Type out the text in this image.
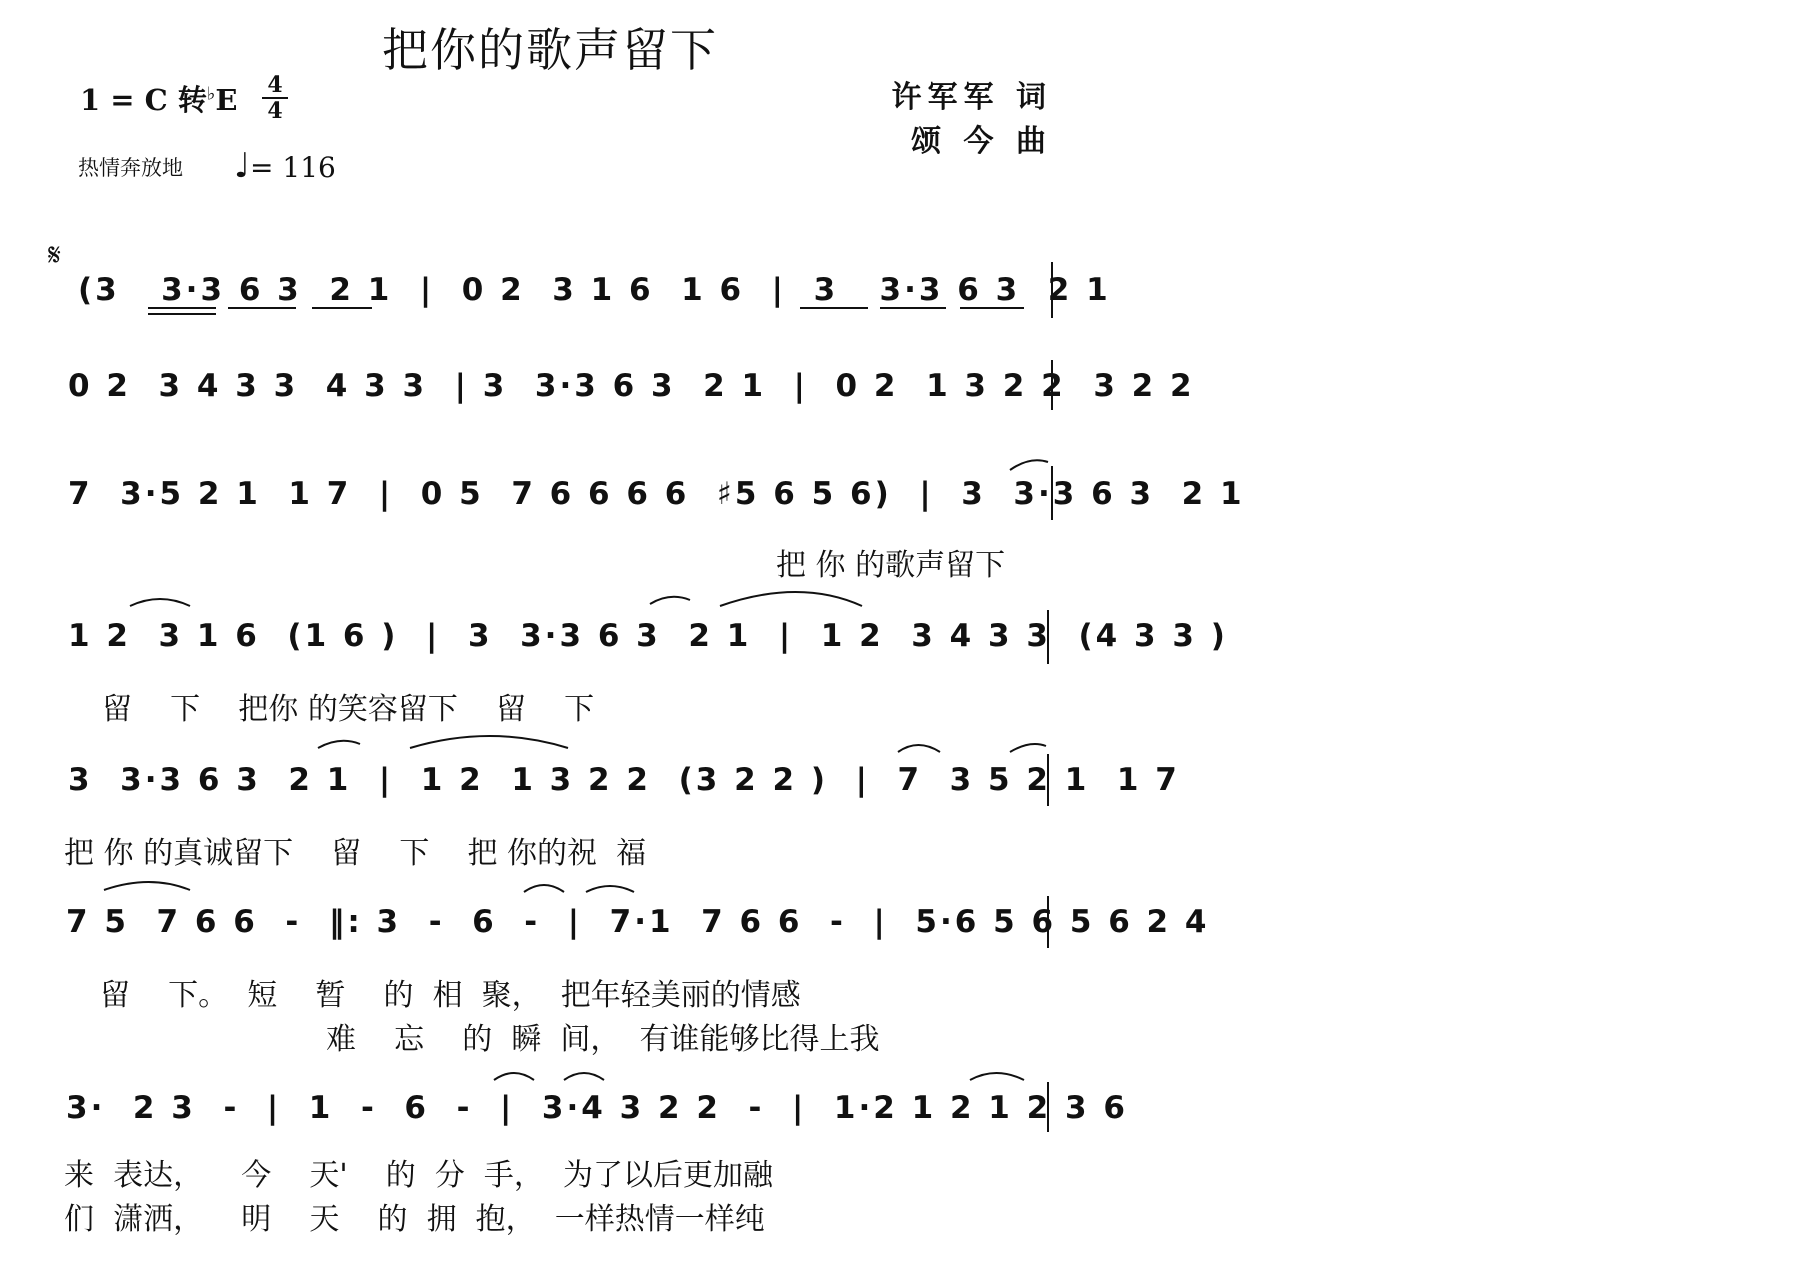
把你的歌声留下
1 = C 转♭E	4
4
热情奔放地 ♩= 116
许军军 词
颂 今 曲
𝄋
(3   3·3 6 3  2 1  |  0 2  3 1 6  1 6  |  3   3·3 6 3  2 1
0 2  3 4 3 3  4 3 3  | 3  3·3 6 3  2 1  |  0 2  1 3 2 2  3 2 2
7  3·5 2 1  1 7  |  0 5  7 6 6 6 6  ♯5 6 5 6)  |  3  3·3 6 3  2 1
把 你 的歌声留下
1 2  3 1 6  (1 6 )  |  3  3·3 6 3  2 1  |  1 2  3 4 3 3  (4 3 3 )
留    下    把你 的笑容留下    留    下
3  3·3 6 3  2 1  |  1 2  1 3 2 2  (3 2 2 )  |  7  3 5 2 1  1 7
把 你 的真诚留下    留    下    把 你的祝  福
7 5  7 6 6  -  ‖: 3  -  6  -  |  7·1  7 6 6  -  |  5·6 5 6 5 6 2 4
留    下。  短    暂    的  相  聚，  把年轻美丽的情感
难    忘    的  瞬  间，  有谁能够比得上我
3·  2 3  -  |  1  -  6  -  |  3·4 3 2 2  -  |  1·2 1 2 1 2 3 6
来  表达，    今    天'    的  分  手，  为了以后更加融
们  潇洒，    明    天    的  拥  抱，  一样热情一样纯
